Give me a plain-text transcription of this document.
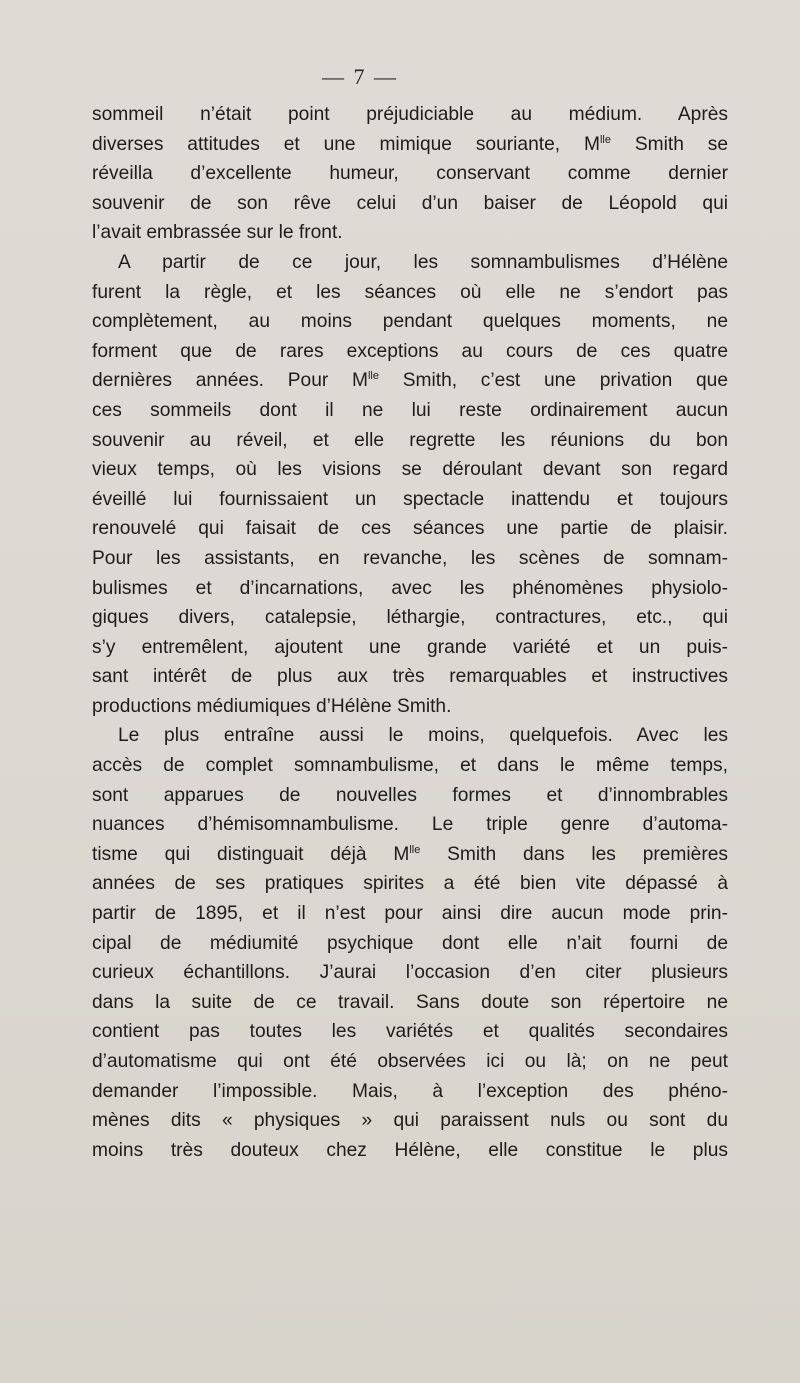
— 7 —
sommeil n’était point préjudiciable au médium. Après
diverses attitudes et une mimique souriante, $M^{lle}$ Smith se
réveilla d’excellente humeur, conservant comme dernier
souvenir de son rêve celui d’un baiser de Léopold qui
l’avait embrassée sur le front.
A partir de ce jour, les somnambulismes d’Hélène
furent la règle, et les séances où elle ne s’endort pas
complètement, au moins pendant quelques moments, ne
forment que de rares exceptions au cours de ces quatre
dernières années. Pour $M^{lle}$ Smith, c’est une privation que
ces sommeils dont il ne lui reste ordinairement aucun
souvenir au réveil, et elle regrette les réunions du bon
vieux temps, où les visions se déroulant devant son regard
éveillé lui fournissaient un spectacle inattendu et toujours
renouvelé qui faisait de ces séances une partie de plaisir.
Pour les assistants, en revanche, les scènes de somnam-
bulismes et d’incarnations, avec les phénomènes physiolo-
giques divers, catalepsie, léthargie, contractures, etc., qui
s’y entremêlent, ajoutent une grande variété et un puis-
sant intérêt de plus aux très remarquables et instructives
productions médiumiques d’Hélène Smith.
Le plus entraîne aussi le moins, quelquefois. Avec les
accès de complet somnambulisme, et dans le même temps,
sont apparues de nouvelles formes et d’innombrables
nuances d’hémisomnambulisme. Le triple genre d’automa-
tisme qui distinguait déjà $M^{lle}$ Smith dans les premières
années de ses pratiques spirites a été bien vite dépassé à
partir de 1895, et il n’est pour ainsi dire aucun mode prin-
cipal de médiumité psychique dont elle n’ait fourni de
curieux échantillons. J’aurai l’occasion d’en citer plusieurs
dans la suite de ce travail. Sans doute son répertoire ne
contient pas toutes les variétés et qualités secondaires
d’automatisme qui ont été observées ici ou là; on ne peut
demander l’impossible. Mais, à l’exception des phéno-
mènes dits « physiques » qui paraissent nuls ou sont du
moins très douteux chez Hélène, elle constitue le plus
